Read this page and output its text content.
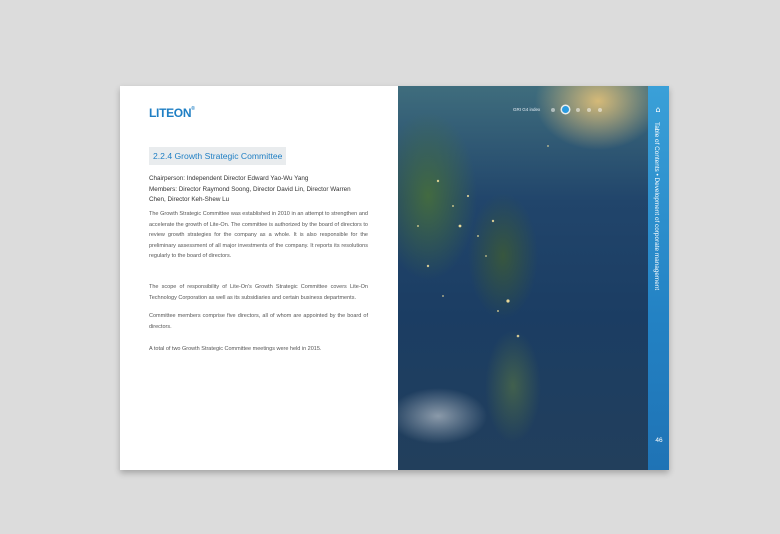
LITEON®
2.2.4 Growth Strategic Committee
Chairperson: Independent Director Edward Yao-Wu Yang
Members: Director Raymond Soong, Director David Lin, Director Warren Chen, Director Keh-Shew Lu
The Growth Strategic Committee was established in 2010 in an attempt to strengthen and accelerate the growth of Lite-On. The committee is authorized by the board of directors to review growth strategies for the company as a whole. It is also responsible for the preliminary assessment of all major investments of the company. It reports its resolutions regularly to the board of directors.
The scope of responsibility of Lite-On's Growth Strategic Committee covers Lite-On Technology Corporation as well as its subsidiaries and certain business departments.
Committee members comprise five directors, all of whom are appointed by the board of directors.
A total of two Growth Strategic Committee meetings were held in 2015.
GRI G4 index	⌂
Table of Contents • Development of corporate management
46
